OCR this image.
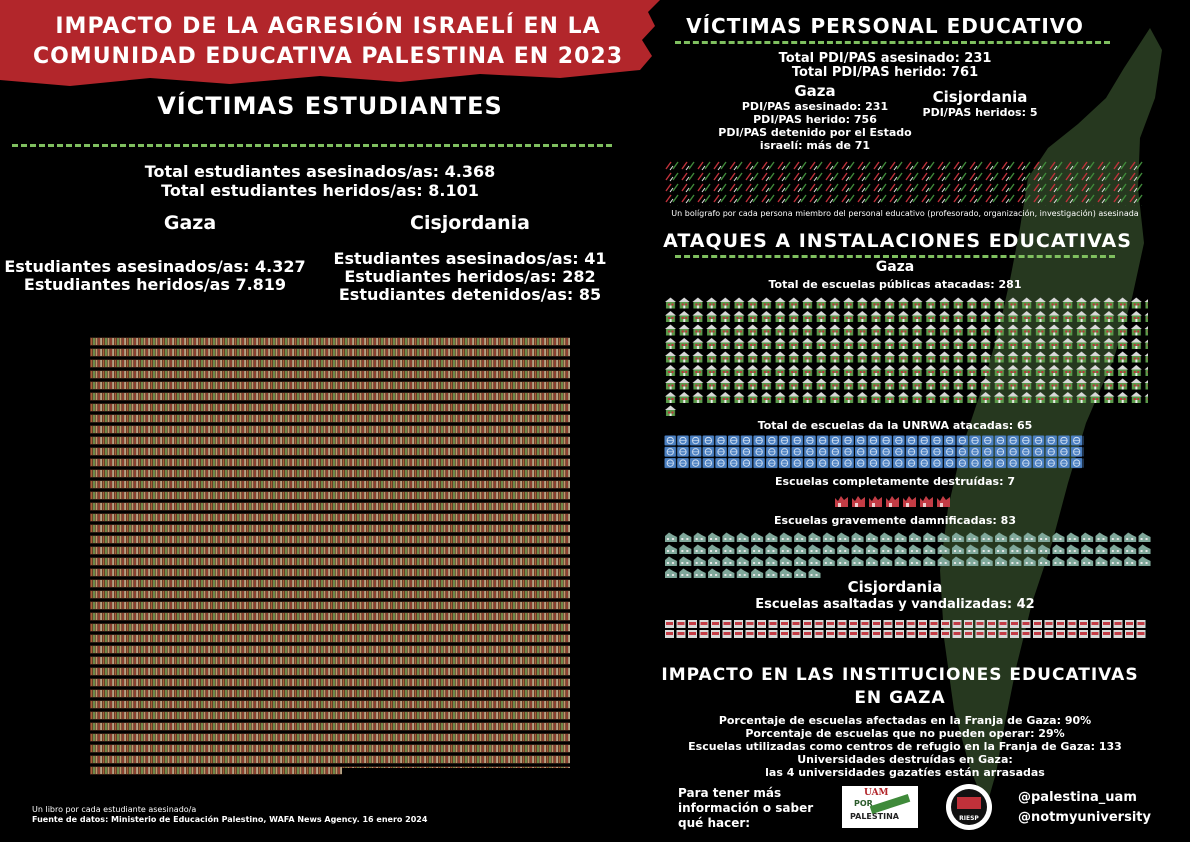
IMPACTO DE LA AGRESIÓN ISRAELÍ EN LA COMUNIDAD EDUCATIVA PALESTINA EN 2023
VÍCTIMAS ESTUDIANTES
Total estudiantes asesinados/as: 4.368
Total estudiantes heridos/as: 8.101
Gaza	Cisjordania
Estudiantes asesinados/as: 4.327
Estudiantes heridos/as 7.819
Estudiantes asesinados/as: 41
Estudiantes heridos/as: 282
Estudiantes detenidos/as: 85
Un libro por cada estudiante asesinado/a
Fuente de datos: Ministerio de Educación Palestino, WAFA News Agency. 16 enero 2024
VÍCTIMAS PERSONAL EDUCATIVO
Total PDI/PAS asesinado: 231
Total PDI/PAS herido: 761
Gaza
PDI/PAS asesinado: 231
PDI/PAS herido: 756
PDI/PAS detenido por el Estado israelí: más de 71
Cisjordania
PDI/PAS heridos: 5
Un bolígrafo por cada persona miembro del personal educativo (profesorado, organización, investigación) asesinada
ATAQUES A INSTALACIONES EDUCATIVAS
Gaza
Total de escuelas públicas atacadas: 281
Total de escuelas da la UNRWA atacadas: 65
Escuelas completamente destruídas: 7
Escuelas gravemente damnificadas: 83
Cisjordania
Escuelas asaltadas y vandalizadas: 42
IMPACTO EN LAS INSTITUCIONES EDUCATIVAS EN GAZA
Porcentaje de escuelas afectadas en la Franja de Gaza: 90%
Porcentaje de escuelas que no pueden operar: 29%
Escuelas utilizadas como centros de refugio en la Franja de Gaza: 133
Universidades destruídas en Gaza:
las 4 universidades gazatíes están arrasadas
Para tener más información o saber qué hacer:
UAM
POR
PALESTINA	RIESP
@palestina_uam
@notmyuniversity
